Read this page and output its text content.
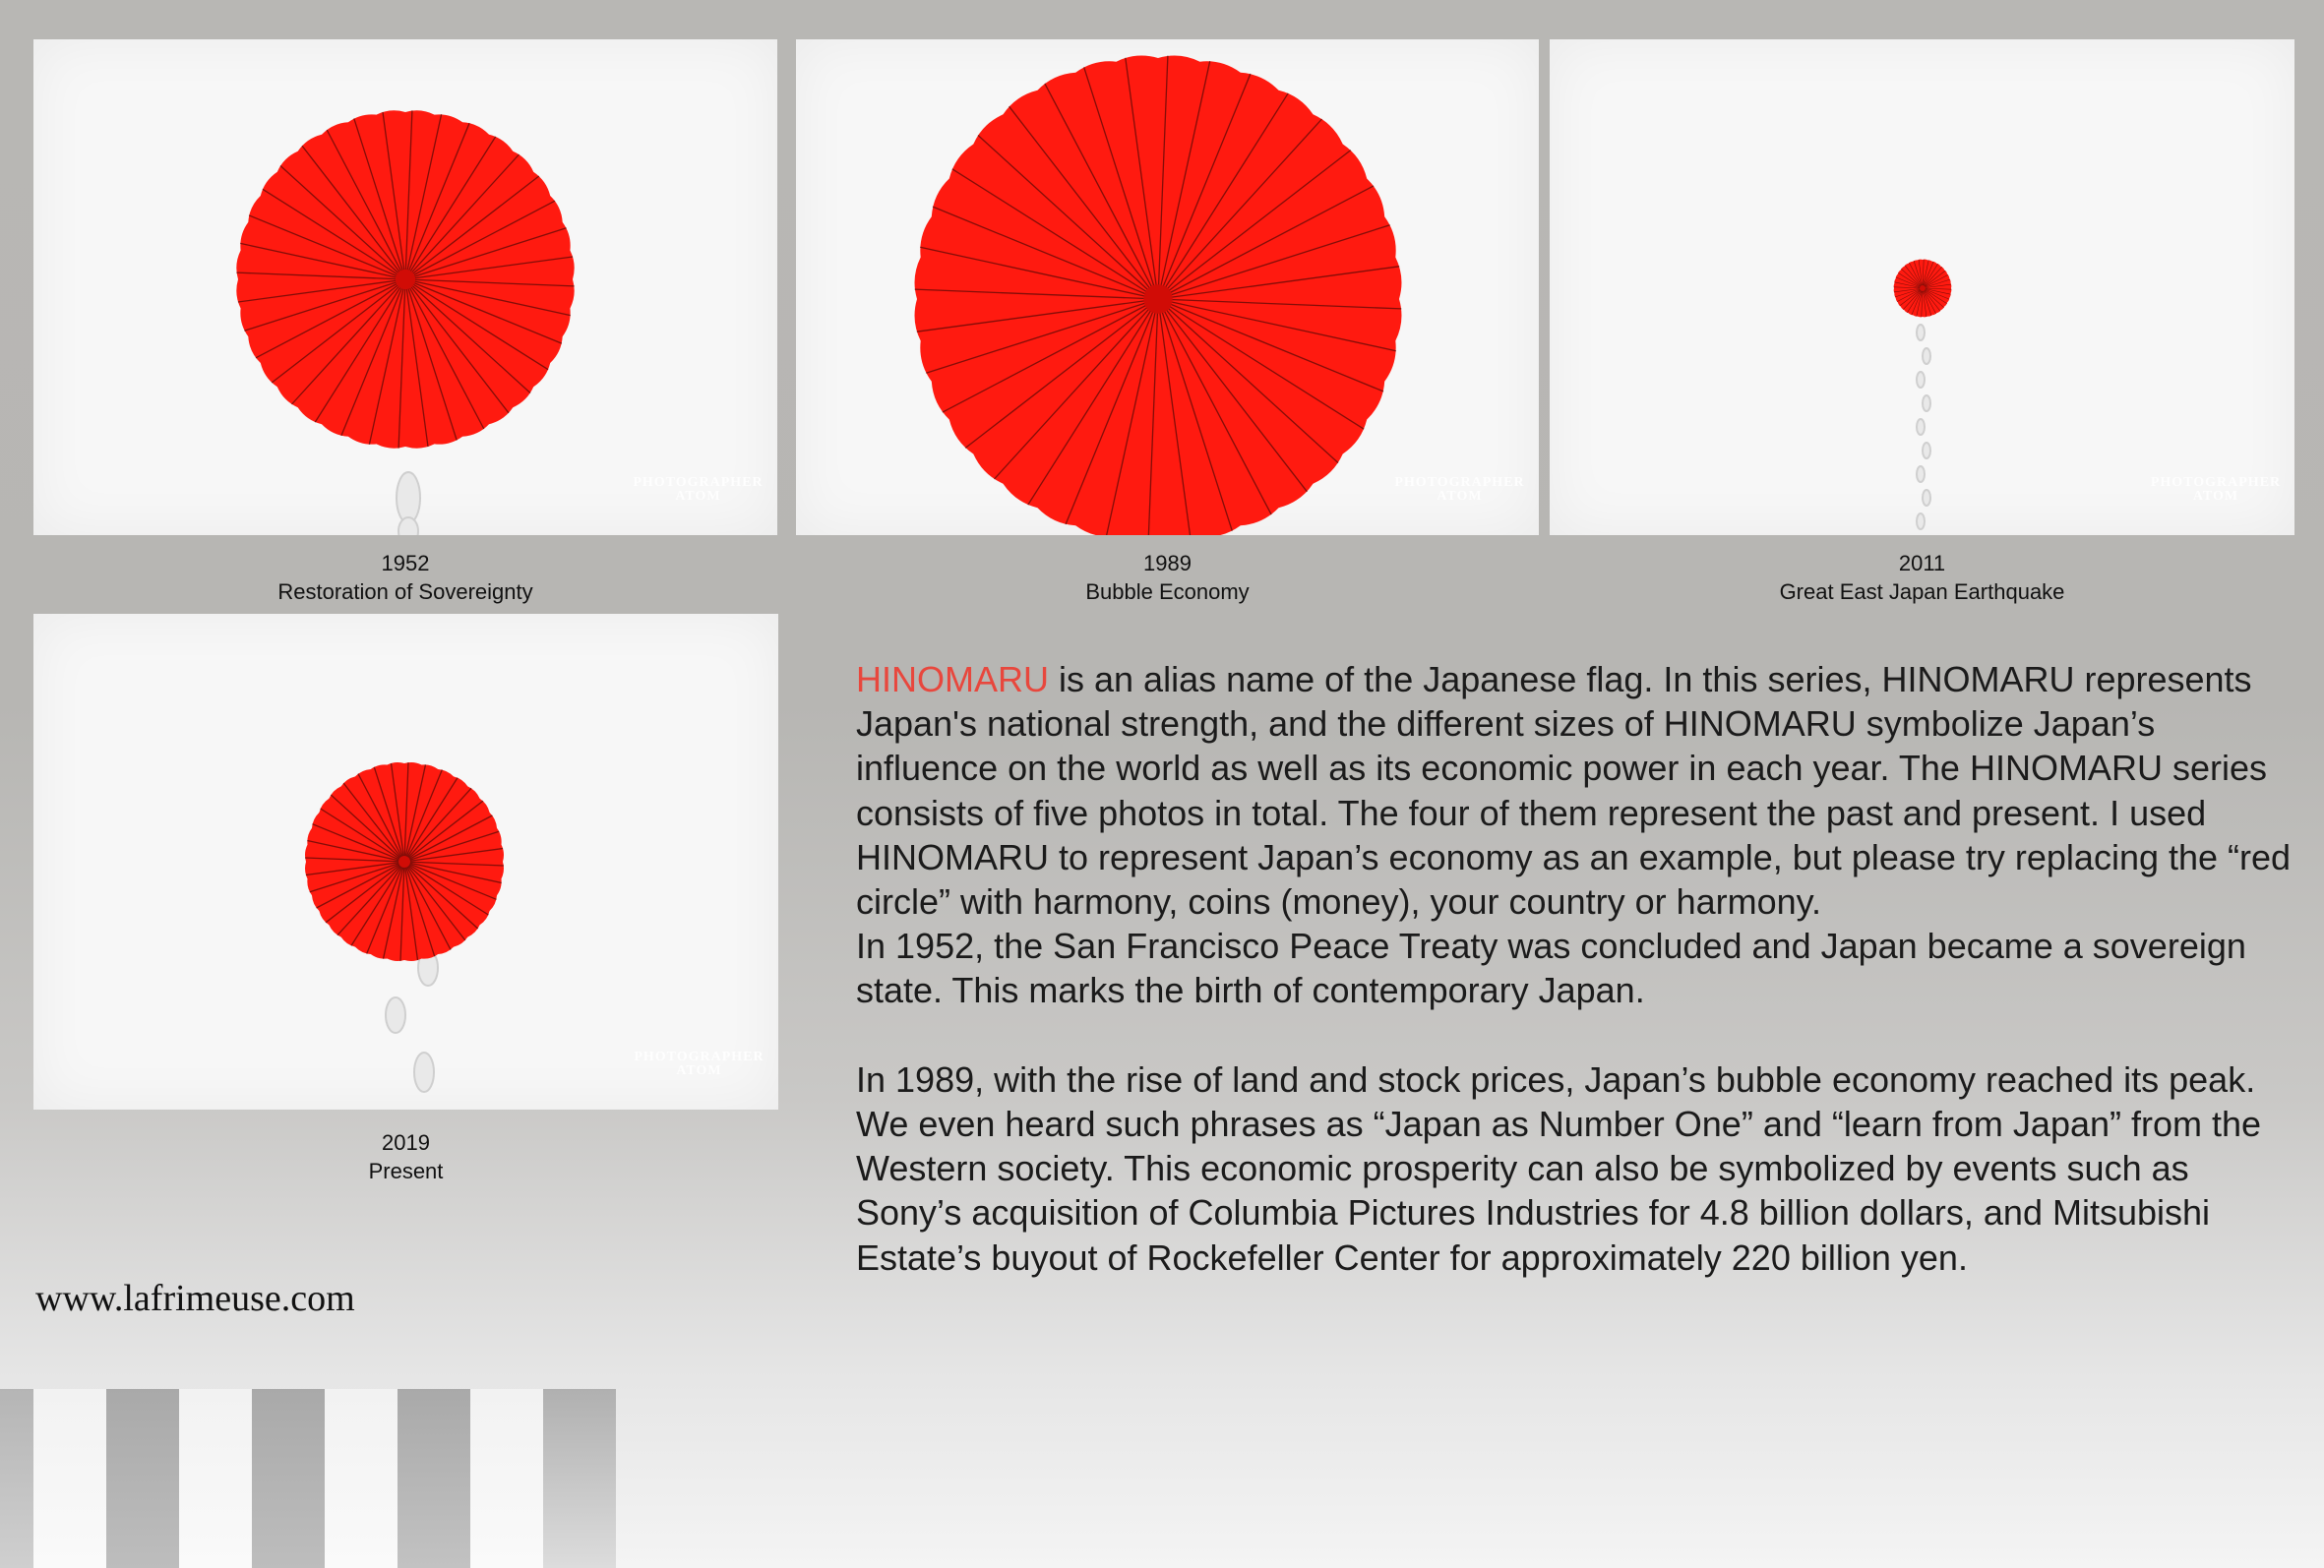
PHOTOGRAPHER ATOM
1952
Restoration of Sovereignty
PHOTOGRAPHER ATOM
1989
Bubble Economy
PHOTOGRAPHER ATOM
2011
Great East Japan Earthquake
PHOTOGRAPHER ATOM
2019
Present
HINOMARU is an alias name of the Japanese flag. In this series, HINOMARU represents Japan's national strength, and the different sizes of HINOMARU symbolize Japan’s influence on the world as well as its economic power in each year. The HINOMARU series consists of five photos in total. The four of them represent the past and present. I used HINOMARU to represent Japan’s economy as an example, but please try replacing the “red circle” with harmony, coins (money), your country or harmony.
In 1952, the San Francisco Peace Treaty was concluded and Japan became a sovereign state. This marks the birth of contemporary Japan.

In 1989, with the rise of land and stock prices, Japan’s bubble economy reached its peak. We even heard such phrases as “Japan as Number One” and “learn from Japan” from the Western society. This economic prosperity can also be symbolized by events such as Sony’s acquisition of Columbia Pictures Industries for 4.8 billion dollars, and Mitsubishi Estate’s buyout of Rockefeller Center for approximately 220 billion yen.
www.lafrimeuse.com
